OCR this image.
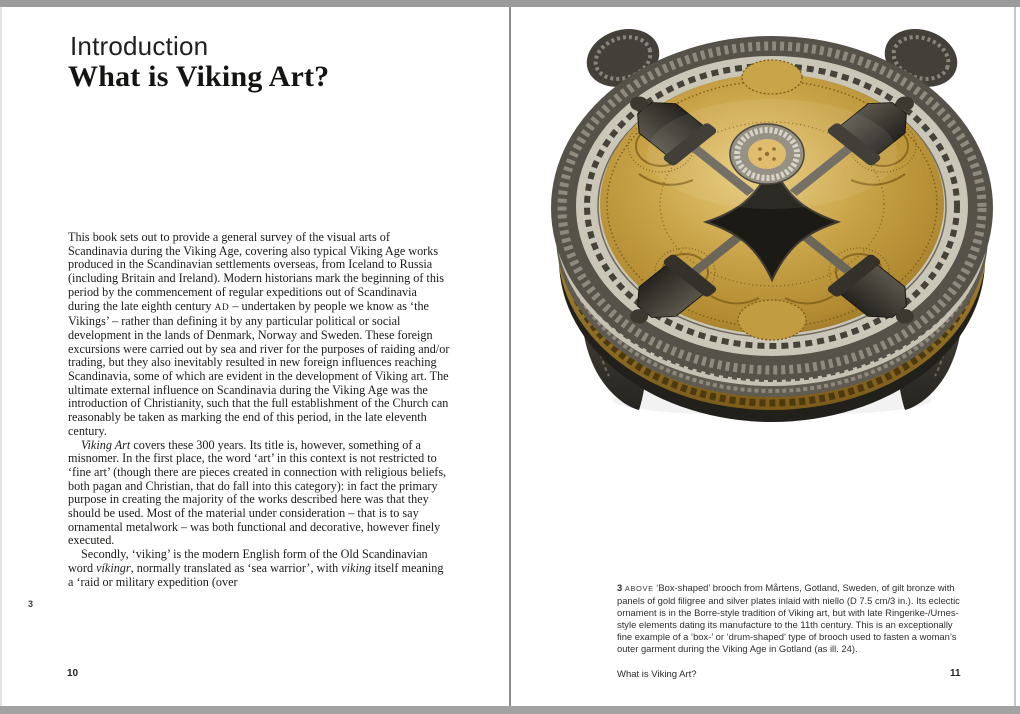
Introduction
What is Viking Art?

This book sets out to provide a general survey of the visual arts of Scandinavia during the Viking Age, covering also typical Viking Age works produced in the Scandinavian settlements overseas, from Iceland to Russia (including Britain and Ireland). Modern historians mark the beginning of this period by the commencement of regular expeditions out of Scandinavia during the late eighth century AD – undertaken by people we know as ‘the Vikings’ – rather than defining it by any particular political or social development in the lands of Denmark, Norway and Sweden. These foreign excursions were carried out by sea and river for the purposes of raiding and/or trading, but they also inevitably resulted in new foreign influences reaching Scandinavia, some of which are evident in the development of Viking art. The ultimate external influence on Scandinavia during the Viking Age was the introduction of Christianity, such that the full establishment of the Church can reasonably be taken as marking the end of this period, in the late eleventh century.

Viking Art covers these 300 years. Its title is, however, something of a misnomer. In the first place, the word ‘art’ in this context is not restricted to ‘fine art’ (though there are pieces created in connection with religious beliefs, both pagan and Christian, that do fall into this category): in fact the primary purpose in creating the majority of the works described here was that they should be used. Most of the material under consideration – that is to say ornamental metalwork – was both functional and decorative, however finely executed.

Secondly, ‘viking’ is the modern English form of the Old Scandinavian word víkingr, normally translated as ‘sea warrior’, with viking itself meaning a ‘raid or military expedition (over

3
10
3 ABOVE ‘Box-shaped’ brooch from Mårtens, Gotland, Sweden, of gilt bronze with panels of gold filigree and silver plates inlaid with niello (D 7.5 cm/3 in.). Its eclectic ornament is in the Borre-style tradition of Viking art, but with late Ringerike-/Urnes-style elements dating its manufacture to the 11th century. This is an exceptionally fine example of a ‘box-’ or ‘drum-shaped’ type of brooch used to fasten a woman’s outer garment during the Viking Age in Gotland (as ill. 24).
What is Viking Art?	11
